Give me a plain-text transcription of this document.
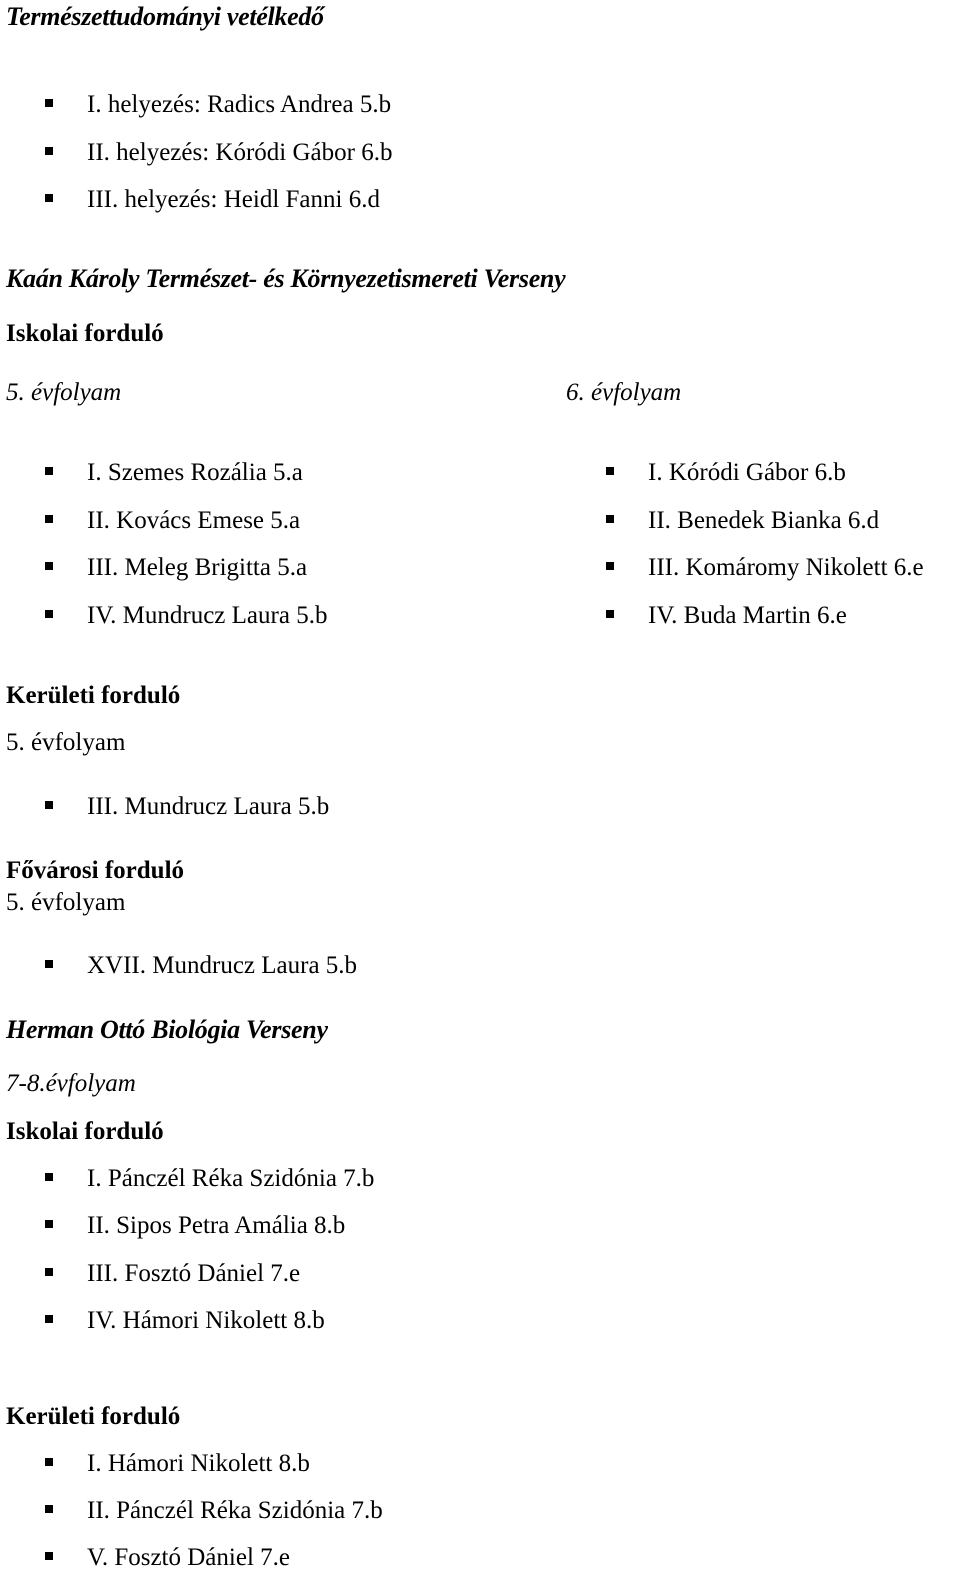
Természettudományi vetélkedő
I. helyezés: Radics Andrea 5.b
II. helyezés: Kóródi Gábor 6.b
III. helyezés: Heidl Fanni 6.d
Kaán Károly Természet- és Környezetismereti Verseny
Iskolai forduló
5. évfolyam	6. évfolyam
I. Szemes Rozália 5.a
II. Kovács Emese 5.a
III. Meleg Brigitta 5.a
IV. Mundrucz Laura 5.b
I. Kóródi Gábor 6.b
II. Benedek Bianka 6.d
III. Komáromy Nikolett 6.e
IV. Buda Martin 6.e
Kerületi forduló
5. évfolyam
III. Mundrucz Laura 5.b
Fővárosi forduló
5. évfolyam
XVII. Mundrucz Laura 5.b
Herman Ottó Biológia Verseny
7-8.évfolyam
Iskolai forduló
I. Pánczél Réka Szidónia 7.b
II. Sipos Petra Amália 8.b
III. Fosztó Dániel 7.e
IV. Hámori Nikolett 8.b
Kerületi forduló
I. Hámori Nikolett 8.b
II. Pánczél Réka Szidónia 7.b
V. Fosztó Dániel 7.e
